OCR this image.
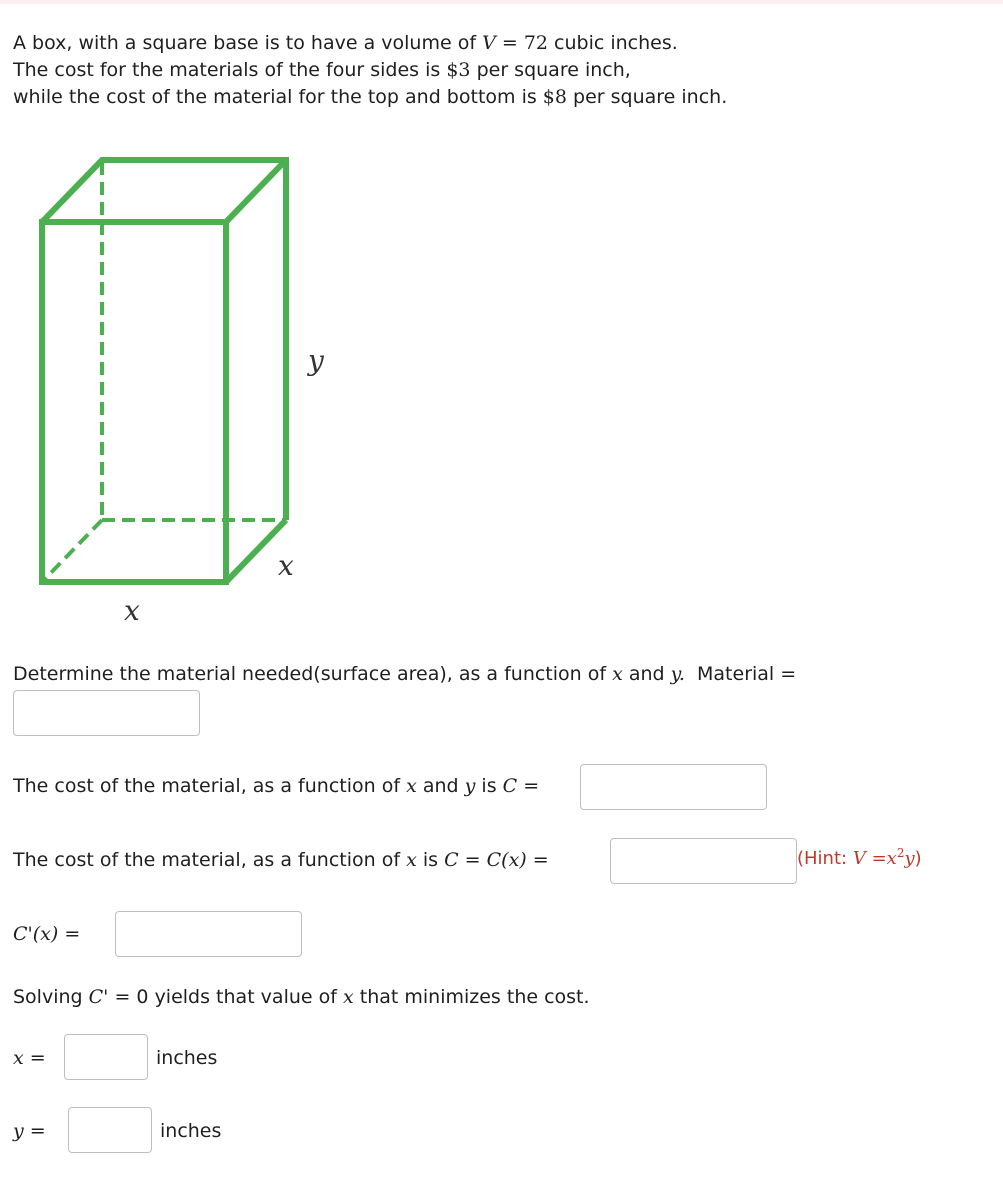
A box, with a square base is to have a volume of V = 72 cubic inches.
The cost for the materials of the four sides is $3 per square inch,
while the cost of the material for the top and bottom is $8 per square inch.
y
x
x
Determine the material needed(surface area), as a function of x and y. Material =
The cost of the material, as a function of x and y is C =
The cost of the material, as a function of x is C = C(x) =	(Hint: $V =x^2y$)
C'(x) =
Solving C' = 0 yields that value of x that minimizes the cost.
x =	inches
y =	inches
